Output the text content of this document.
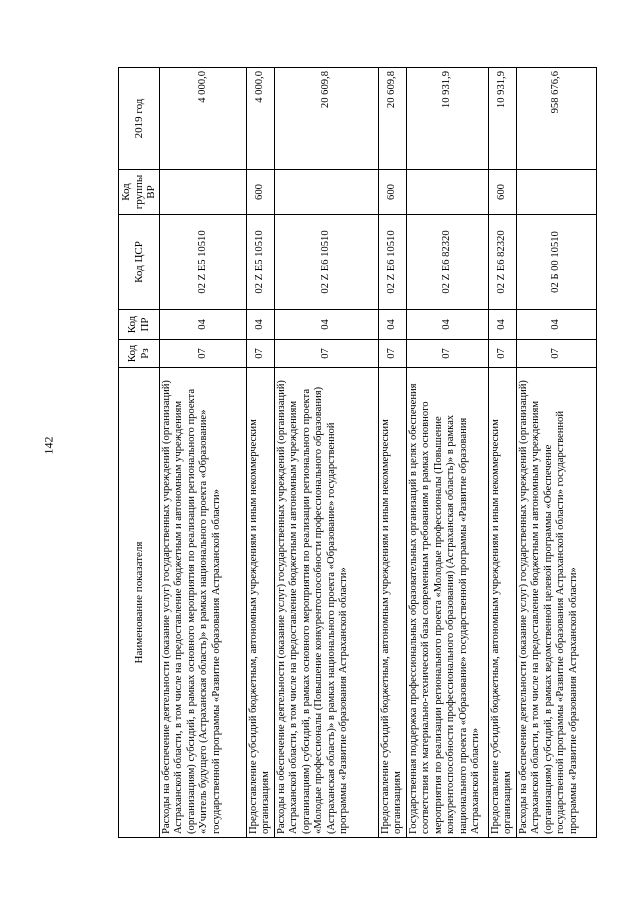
142
Наименование показателя	Код Рз	Код ПР	Код ЦСР	Код группы ВР	2019 год
Расходы на обеспечение деятельности (оказание услуг) государственных учреждений (организаций) Астраханской области, в том числе на предоставление бюджетным и автономным учреждениям (организациям) субсидий, в рамках основного мероприятия по реализации регионального проекта «Учитель будущего (Астраханская область)» в рамках национального проекта «Образование» государственной программы «Развитие образования Астраханской области»	07	04	02 Z E5 10510		4 000,0
Предоставление субсидий бюджетным, автономным учреждениям и иным некоммерческим организациям	07	04	02 Z E5 10510	600	4 000,0
Расходы на обеспечение деятельности (оказание услуг) государственных учреждений (организаций) Астраханской области, в том числе на предоставление бюджетным и автономным учреждениям (организациям) субсидий, в рамках основного мероприятия по реализации регионального проекта «Молодые профессионалы (Повышение конкурентоспособности профессионального образования) (Астраханская область)» в рамках национального проекта «Образование» государственной программы «Развитие образования Астраханской области»	07	04	02 Z E6 10510		20 609,8
Предоставление субсидий бюджетным, автономным учреждениям и иным некоммерческим организациям	07	04	02 Z E6 10510	600	20 609,8
Государственная поддержка профессиональных образовательных организаций в целях обеспечения соответствия их материально-технической базы современным требованиям в рамках основного мероприятия по реализации регионального проекта «Молодые профессионалы (Повышение конкурентоспособности профессионального образования) (Астраханская область)» в рамках национального проекта «Образование» государственной программы «Развитие образования Астраханской области»	07	04	02 Z E6 82320		10 931,9
Предоставление субсидий бюджетным, автономным учреждениям и иным некоммерческим организациям	07	04	02 Z E6 82320	600	10 931,9
Расходы на обеспечение деятельности (оказание услуг) государственных учреждений (организаций) Астраханской области, в том числе на предоставление бюджетным и автономным учреждениям (организациям) субсидий, в рамках ведомственной целевой программы «Обеспечение государственной программы «Развитие образования Астраханской области» государственной программы «Развитие образования Астраханской области»	07	04	02 Б 00 10510		958 676,6
